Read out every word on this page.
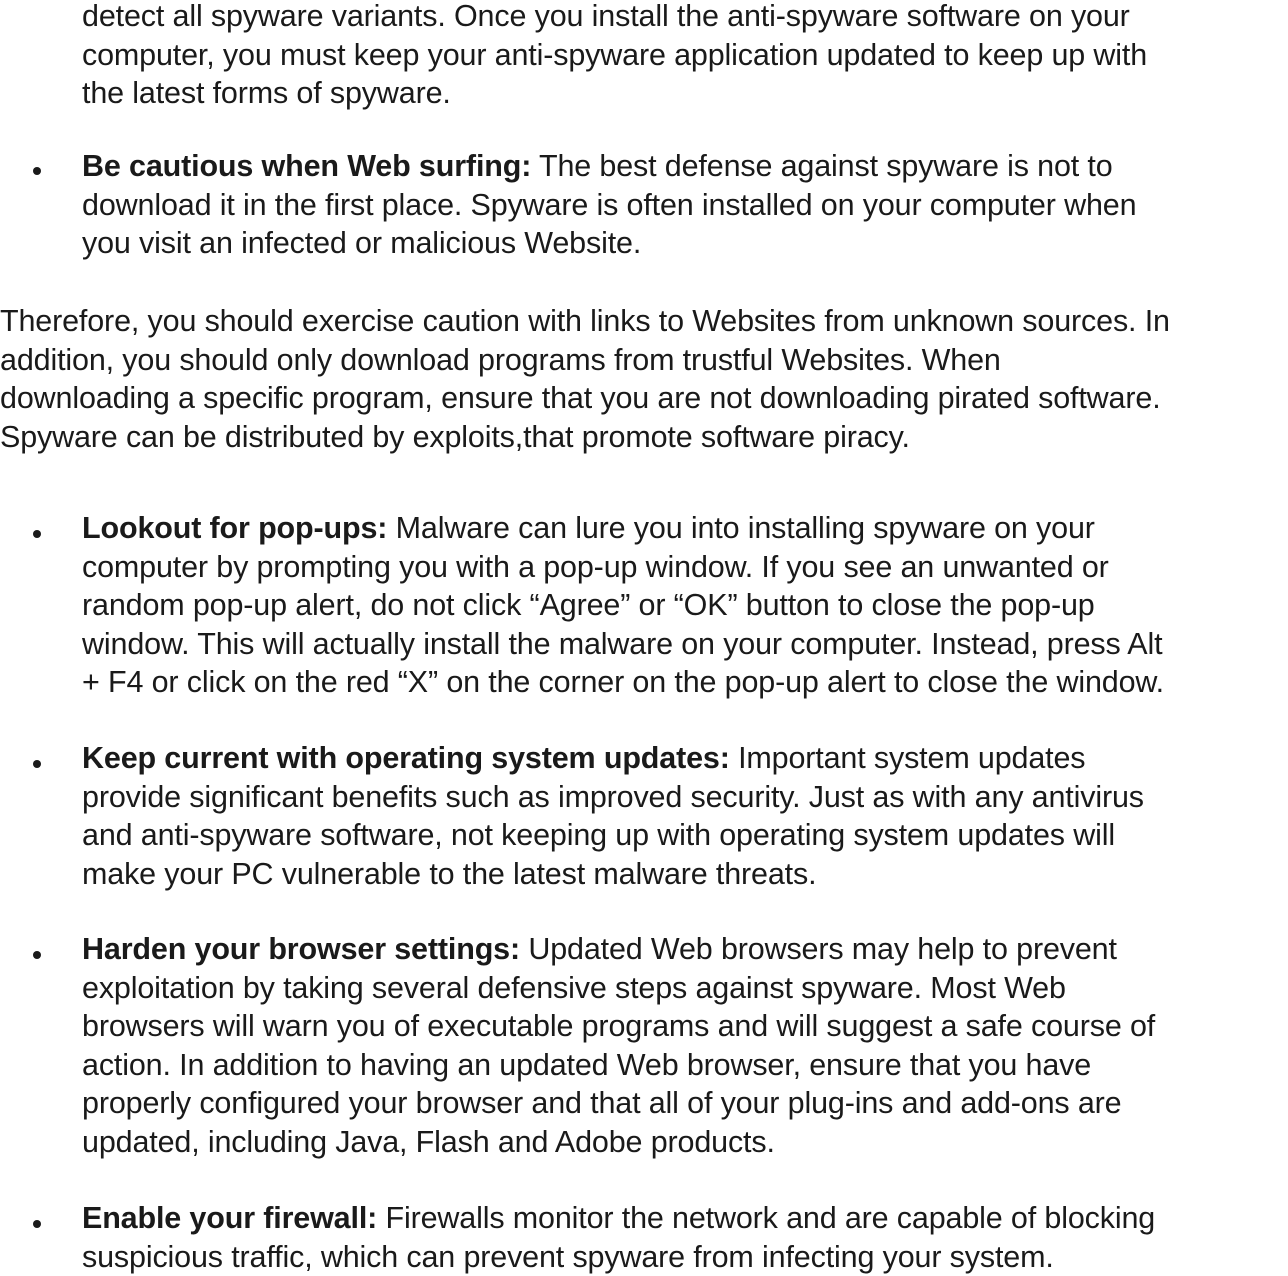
detect all spyware variants. Once you install the anti-spyware software on your
computer, you must keep your anti-spyware application updated to keep up with
the latest forms of spyware.
Be cautious when Web surfing: The best defense against spyware is not to
download it in the first place. Spyware is often installed on your computer when
you visit an infected or malicious Website.
Therefore, you should exercise caution with links to Websites from unknown sources. In
addition, you should only download programs from trustful Websites. When
downloading a specific program, ensure that you are not downloading pirated software.
Spyware can be distributed by exploits,that promote software piracy.
Lookout for pop-ups: Malware can lure you into installing spyware on your
computer by prompting you with a pop-up window. If you see an unwanted or
random pop-up alert, do not click “Agree” or “OK” button to close the pop-up
window. This will actually install the malware on your computer. Instead, press Alt
+ F4 or click on the red “X” on the corner on the pop-up alert to close the window.
Keep current with operating system updates: Important system updates
provide significant benefits such as improved security. Just as with any antivirus
and anti-spyware software, not keeping up with operating system updates will
make your PC vulnerable to the latest malware threats.
Harden your browser settings: Updated Web browsers may help to prevent
exploitation by taking several defensive steps against spyware. Most Web
browsers will warn you of executable programs and will suggest a safe course of
action. In addition to having an updated Web browser, ensure that you have
properly configured your browser and that all of your plug-ins and add-ons are
updated, including Java, Flash and Adobe products.
Enable your firewall: Firewalls monitor the network and are capable of blocking
suspicious traffic, which can prevent spyware from infecting your system.
